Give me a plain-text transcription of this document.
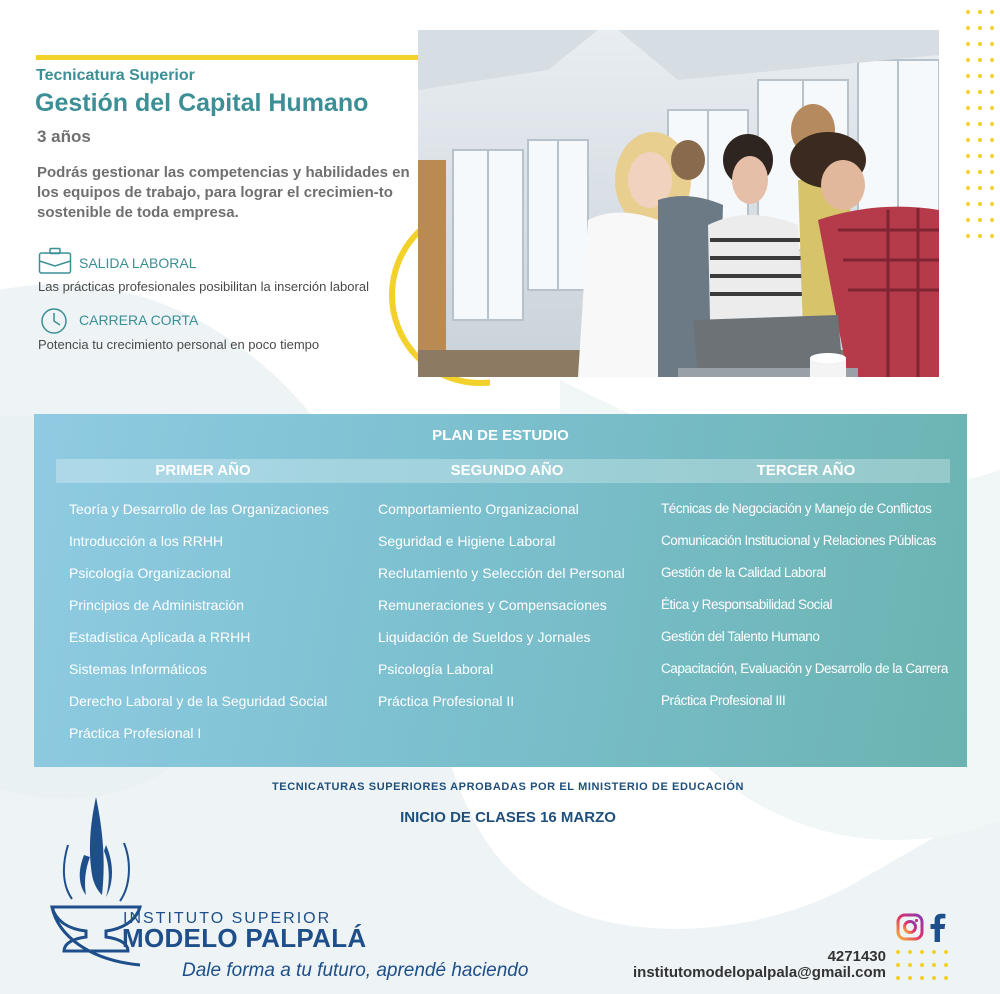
Tecnicatura Superior
Gestión del Capital Humano
3 años
Podrás gestionar las competencias y habilidades en los equipos de trabajo, para lograr el crecimien-to sostenible de toda empresa.
SALIDA LABORAL
Las prácticas profesionales posibilitan la inserción laboral
CARRERA CORTA
Potencia tu crecimiento personal en poco tiempo
PLAN DE ESTUDIO
PRIMER AÑO	SEGUNDO AÑO	TERCER AÑO
Teoría y Desarrollo de las Organizaciones
Introducción a los RRHH
Psicología Organizacional
Principios de Administración
Estadística Aplicada a RRHH
Sistemas Informáticos
Derecho Laboral y de la Seguridad Social
Práctica Profesional I
Comportamiento Organizacional
Seguridad e Higiene Laboral
Reclutamiento y Selección del Personal
Remuneraciones y Compensaciones
Liquidación de Sueldos y Jornales
Psicología Laboral
Práctica Profesional II
Técnicas de Negociación y Manejo de Conflictos
Comunicación Institucional y Relaciones Públicas
Gestión de la Calidad Laboral
Ética y Responsabilidad Social
Gestión del Talento Humano
Capacitación, Evaluación y Desarrollo de la Carrera
Práctica Profesional III
TECNICATURAS SUPERIORES APROBADAS POR EL MINISTERIO DE EDUCACIÓN
INICIO DE CLASES 16 MARZO
INSTITUTO SUPERIOR
MODELO PALPALÁ
Dale forma a tu futuro, aprendé haciendo
4271430
institutomodelopalpala@gmail.com
